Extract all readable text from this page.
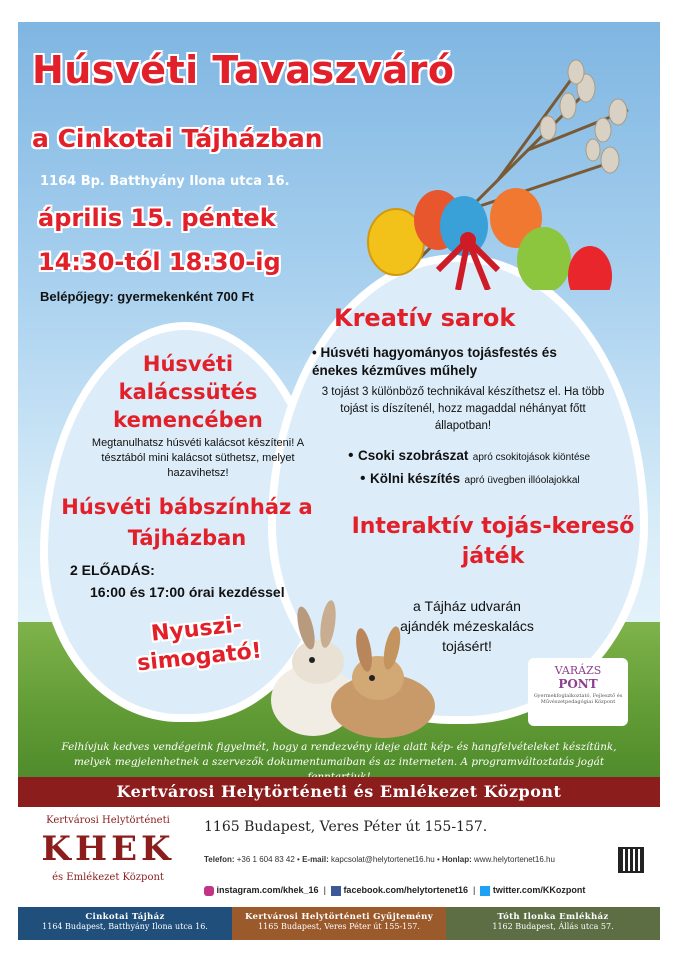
Húsvéti Tavaszváró
a Cinkotai Tájházban
1164 Bp. Batthyány Ilona utca 16.
április 15. péntek
14:30-tól 18:30-ig
Belépőjegy: gyermekenként 700 Ft
Húsvéti kalácssütés kemencében
Megtanulhatsz húsvéti kalácsot készíteni! A tésztából mini kalácsot süthetsz, melyet hazavihetsz!
Húsvéti bábszínház a Tájházban
2 ELŐADÁS:
16:00 és 17:00 órai kezdéssel
Nyuszi-simogató!
Kreatív sarok
• Húsvéti hagyományos tojásfestés és énekes kézműves műhely
3 tojást 3 különböző technikával készíthetsz el. Ha több tojást is díszítenél, hozz magaddal néhányat főtt állapotban!
• Csoki szobrászat apró csokitojások kiöntése
• Kölni készítés apró üvegben illóolajokkal
Interaktív tojás-kereső játék
a Tájház udvarán ajándék mézeskalács tojásért!
VARÁZS
PONT
Gyermekfoglalkoztató, Fejlesztő és Művészetpedagógiai Központ
Felhívjuk kedves vendégeink figyelmét, hogy a rendezvény ideje alatt kép- és hangfelvételeket készítünk, melyek megjelenhetnek a szervezők dokumentumaiban és az interneten. A programváltoztatás jogát
Kertvárosi Helytörténeti és Emlékezet Központ
Kertvárosi Helytörténeti
KHEK
és Emlékezet Központ
1165 Budapest, Veres Péter út 155-157.
Telefon: +36 1 604 83 42 • E-mail: kapcsolat@helytortenet16.hu • Honlap: www.helytortenet16.hu
instagram.com/khek_16  |   facebook.com/helytortenet16  |   twitter.com/KKozpont
Cinkotai Tájház
1164 Budapest, Batthyány Ilona utca 16.
Kertvárosi Helytörténeti Gyűjtemény
1165 Budapest, Veres Péter út 155-157.
Tóth Ilonka Emlékház
1162 Budapest, Állás utca 57.
